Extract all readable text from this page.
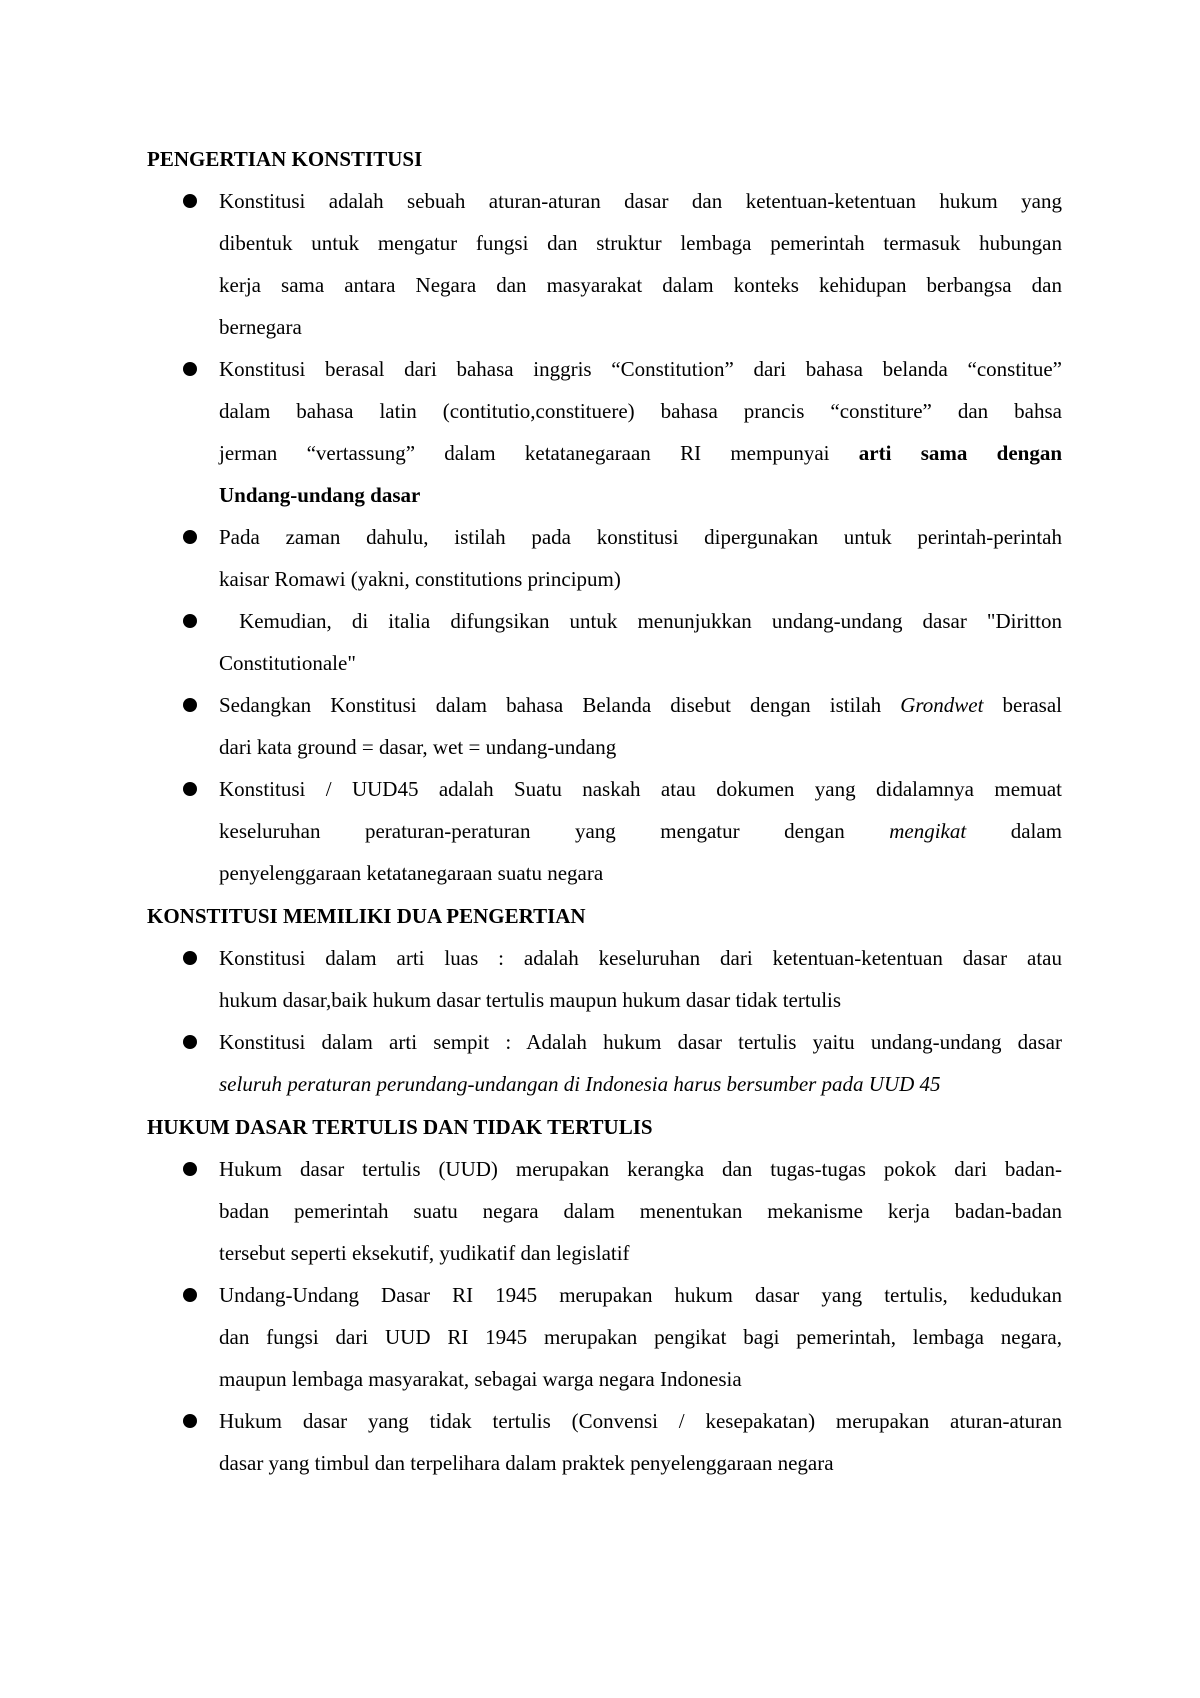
PENGERTIAN KONSTITUSI
Konstitusi adalah sebuah aturan-aturan dasar dan ketentuan-ketentuan hukum yang
dibentuk untuk mengatur fungsi dan struktur lembaga pemerintah termasuk hubungan
kerja sama antara Negara dan masyarakat dalam konteks kehidupan berbangsa dan
bernegara
Konstitusi berasal dari bahasa inggris “Constitution” dari bahasa belanda “constitue”
dalam bahasa latin (contitutio,constituere) bahasa prancis “constiture” dan bahsa
jerman “vertassung” dalam ketatanegaraan RI mempunyai arti sama dengan
Undang-undang dasar
Pada zaman dahulu, istilah pada konstitusi dipergunakan untuk perintah-perintah
kaisar Romawi (yakni, constitutions principum)
Kemudian, di italia difungsikan untuk menunjukkan undang-undang dasar "Diritton
Constitutionale"
Sedangkan Konstitusi dalam bahasa Belanda disebut dengan istilah Grondwet berasal
dari kata ground = dasar, wet = undang-undang
Konstitusi / UUD45 adalah Suatu naskah atau dokumen yang didalamnya memuat
keseluruhan peraturan-peraturan yang mengatur dengan mengikat dalam
penyelenggaraan ketatanegaraan suatu negara
KONSTITUSI MEMILIKI DUA PENGERTIAN
Konstitusi dalam arti luas : adalah keseluruhan dari ketentuan-ketentuan dasar atau
hukum dasar,baik hukum dasar tertulis maupun hukum dasar tidak tertulis
Konstitusi dalam arti sempit : Adalah hukum dasar tertulis yaitu undang-undang dasar
seluruh peraturan perundang-undangan di Indonesia harus bersumber pada UUD 45
HUKUM DASAR TERTULIS DAN TIDAK TERTULIS
Hukum dasar tertulis (UUD) merupakan kerangka dan tugas-tugas pokok dari badan-
badan pemerintah suatu negara dalam menentukan mekanisme kerja badan-badan
tersebut seperti eksekutif, yudikatif dan legislatif
Undang-Undang Dasar RI 1945 merupakan hukum dasar yang tertulis, kedudukan
dan fungsi dari UUD RI 1945 merupakan pengikat bagi pemerintah, lembaga negara,
maupun lembaga masyarakat, sebagai warga negara Indonesia
Hukum dasar yang tidak tertulis (Convensi / kesepakatan) merupakan aturan-aturan
dasar yang timbul dan terpelihara dalam praktek penyelenggaraan negara
